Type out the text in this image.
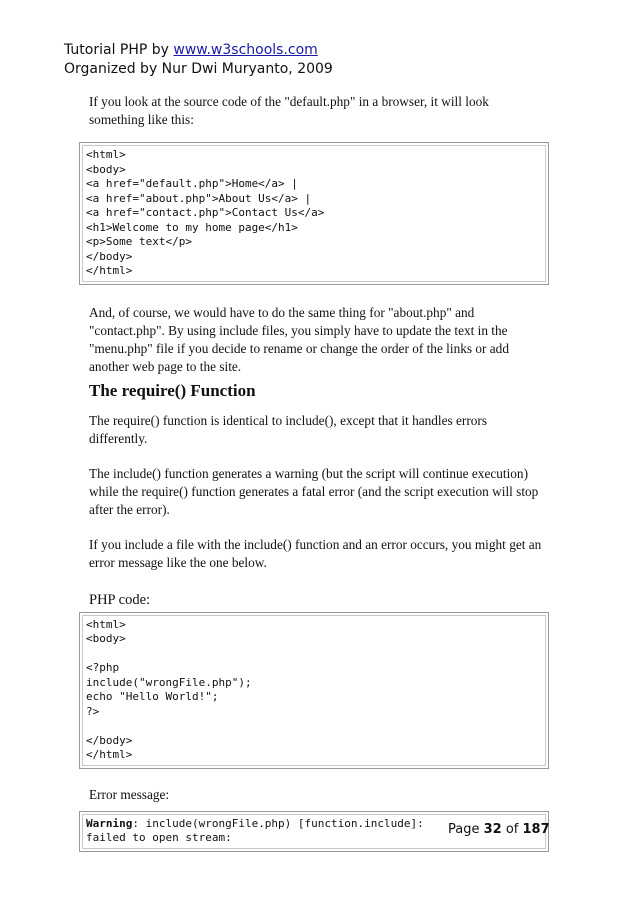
Tutorial PHP by www.w3schools.com
Organized by Nur Dwi Muryanto, 2009

If you look at the source code of the "default.php" in a browser, it will look something like this:

<html>
<body>
<a href="default.php">Home</a> |
<a href="about.php">About Us</a> |
<a href="contact.php">Contact Us</a>
<h1>Welcome to my home page</h1>
<p>Some text</p>
</body>
</html>

And, of course, we would have to do the same thing for "about.php" and "contact.php". By using include files, you simply have to update the text in the "menu.php" file if you decide to rename or change the order of the links or add another web page to the site.

The require() Function

The require() function is identical to include(), except that it handles errors differently.

The include() function generates a warning (but the script will continue execution) while the require() function generates a fatal error (and the script execution will stop after the error).

If you include a file with the include() function and an error occurs, you might get an error message like the one below.

PHP code:

<html>
<body>

<?php
include("wrongFile.php");
echo "Hello World!";
?>

</body>
</html>

Error message:

Warning: include(wrongFile.php) [function.include]:
failed to open stream:
Page 32 of 187
